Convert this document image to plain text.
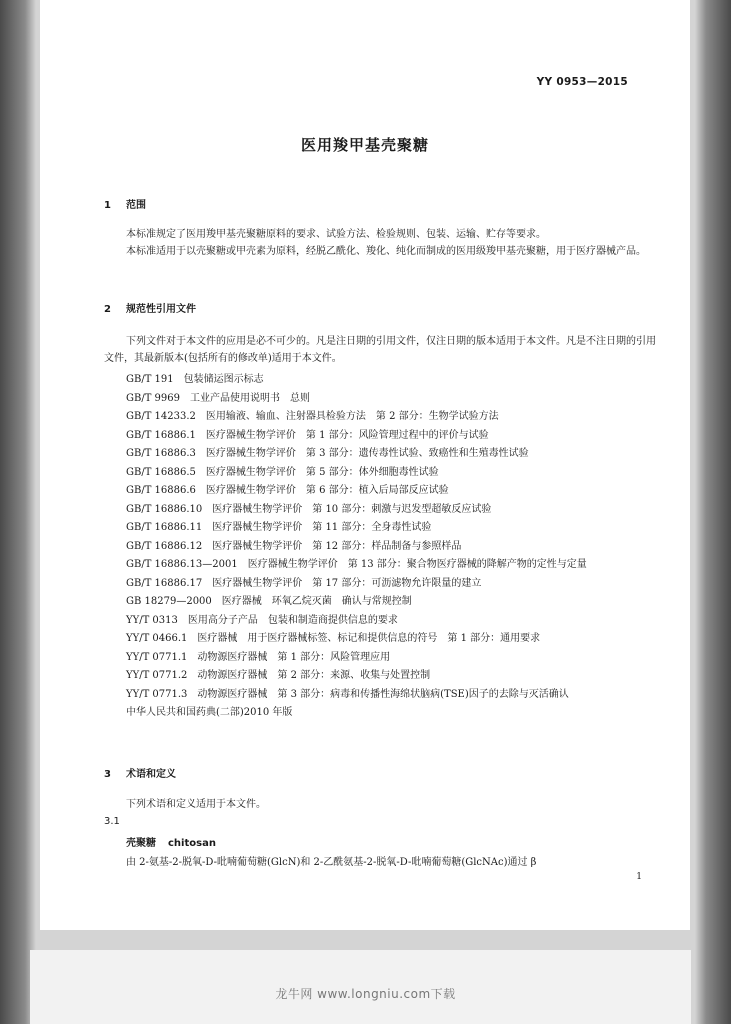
YY 0953—2015
医用羧甲基壳聚糖
1 范围
本标准规定了医用羧甲基壳聚糖原料的要求、试验方法、检验规则、包装、运输、贮存等要求。
本标准适用于以壳聚糖或甲壳素为原料，经脱乙酰化、羧化、纯化而制成的医用级羧甲基壳聚糖，用于医疗器械产品。
2 规范性引用文件
下列文件对于本文件的应用是必不可少的。凡是注日期的引用文件，仅注日期的版本适用于本文件。凡是不注日期的引用文件，其最新版本(包括所有的修改单)适用于本文件。
GB/T 191　包装储运图示标志
GB/T 9969　工业产品使用说明书　总则
GB/T 14233.2　医用输液、输血、注射器具检验方法　第 2 部分：生物学试验方法
GB/T 16886.1　医疗器械生物学评价　第 1 部分：风险管理过程中的评价与试验
GB/T 16886.3　医疗器械生物学评价　第 3 部分：遗传毒性试验、致癌性和生殖毒性试验
GB/T 16886.5　医疗器械生物学评价　第 5 部分：体外细胞毒性试验
GB/T 16886.6　医疗器械生物学评价　第 6 部分：植入后局部反应试验
GB/T 16886.10　医疗器械生物学评价　第 10 部分：刺激与迟发型超敏反应试验
GB/T 16886.11　医疗器械生物学评价　第 11 部分：全身毒性试验
GB/T 16886.12　医疗器械生物学评价　第 12 部分：样品制备与参照样品
GB/T 16886.13—2001　医疗器械生物学评价　第 13 部分：聚合物医疗器械的降解产物的定性与定量
GB/T 16886.17　医疗器械生物学评价　第 17 部分：可沥滤物允许限量的建立
GB 18279—2000　医疗器械　环氧乙烷灭菌　确认与常规控制
YY/T 0313　医用高分子产品　包装和制造商提供信息的要求
YY/T 0466.1　医疗器械　用于医疗器械标签、标记和提供信息的符号　第 1 部分：通用要求
YY/T 0771.1　动物源医疗器械　第 1 部分：风险管理应用
YY/T 0771.2　动物源医疗器械　第 2 部分：来源、收集与处置控制
YY/T 0771.3　动物源医疗器械　第 3 部分：病毒和传播性海绵状脑病(TSE)因子的去除与灭活确认
中华人民共和国药典(二部)2010 年版
3 术语和定义
下列术语和定义适用于本文件。
3.1
壳聚糖 chitosan
由 2-氨基-2-脱氧-D-吡喃葡萄糖(GlcN)和 2-乙酰氨基-2-脱氧-D-吡喃葡萄糖(GlcNAc)通过 β
1
龙牛网 www.longniu.com下载
